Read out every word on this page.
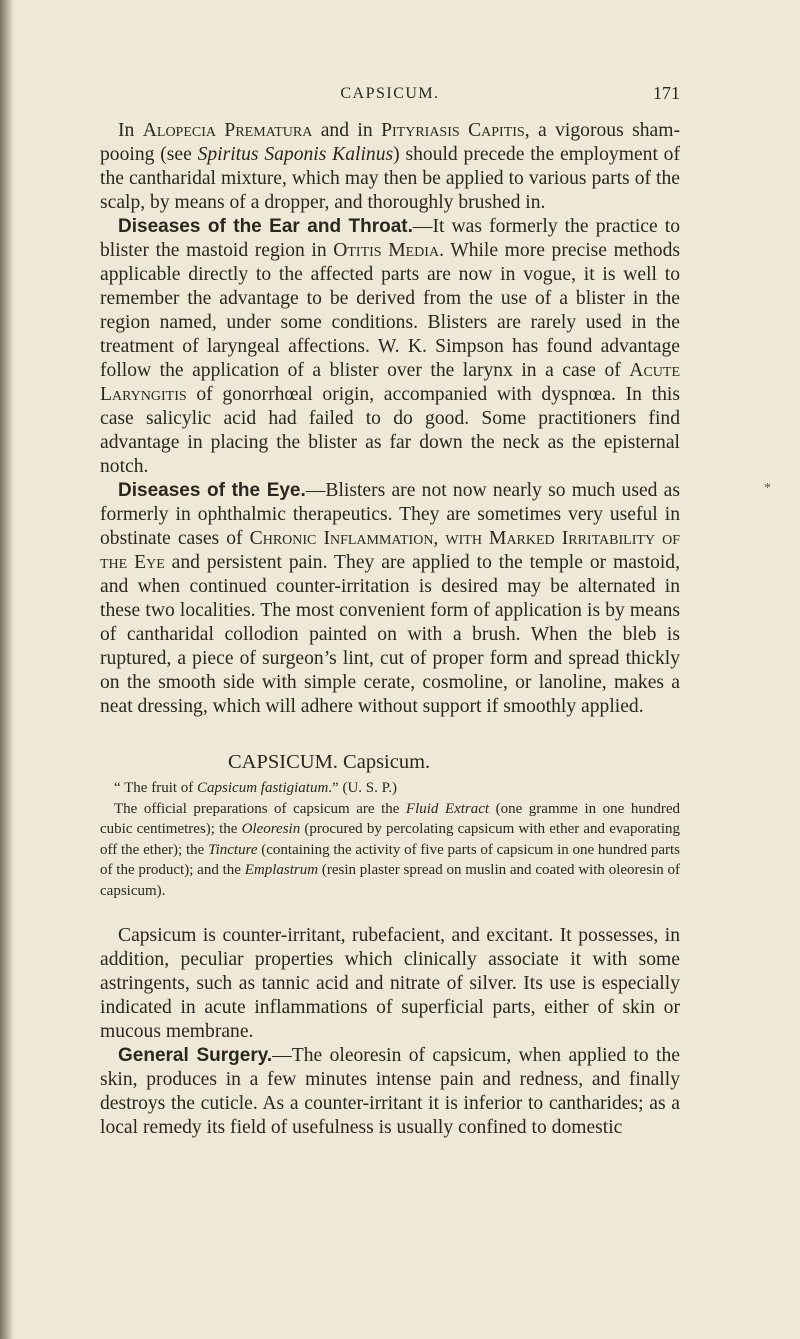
*
CAPSICUM.	171

In Alopecia Prematura and in Pityriasis Capitis, a vigorous sham-pooing (see Spiritus Saponis Kalinus) should precede the employment of the cantharidal mixture, which may then be applied to various parts of the scalp, by means of a dropper, and thoroughly brushed in.

Diseases of the Ear and Throat.—It was formerly the practice to blister the mastoid region in Otitis Media. While more precise methods applicable directly to the affected parts are now in vogue, it is well to remember the advantage to be derived from the use of a blister in the region named, under some conditions. Blisters are rarely used in the treatment of laryngeal affections. W. K. Simpson has found advantage follow the application of a blister over the larynx in a case of Acute Laryngitis of gonorrhœal origin, accompanied with dyspnœa. In this case salicylic acid had failed to do good. Some practitioners find advantage in placing the blister as far down the neck as the episternal notch.

Diseases of the Eye.—Blisters are not now nearly so much used as formerly in ophthalmic therapeutics. They are sometimes very useful in obstinate cases of Chronic Inflammation, with Marked Irritability of the Eye and persistent pain. They are applied to the temple or mastoid, and when continued counter-irritation is desired may be alternated in these two localities. The most convenient form of application is by means of cantharidal collodion painted on with a brush. When the bleb is ruptured, a piece of surgeon’s lint, cut of proper form and spread thickly on the smooth side with simple cerate, cosmoline, or lanoline, makes a neat dressing, which will adhere without support if smoothly applied.

CAPSICUM. Capsicum.

“ The fruit of Capsicum fastigiatum.” (U. S. P.)

The official preparations of capsicum are the Fluid Extract (one gramme in one hundred cubic centimetres); the Oleoresin (procured by percolating capsicum with ether and evaporating off the ether); the Tincture (containing the activity of five parts of capsicum in one hundred parts of the product); and the Emplastrum (resin plaster spread on muslin and coated with oleoresin of capsicum).

Capsicum is counter-irritant, rubefacient, and excitant. It possesses, in addition, peculiar properties which clinically associate it with some astringents, such as tannic acid and nitrate of silver. Its use is especially indicated in acute inflammations of superficial parts, either of skin or mucous membrane.

General Surgery.—The oleoresin of capsicum, when applied to the skin, produces in a few minutes intense pain and redness, and finally destroys the cuticle. As a counter-irritant it is inferior to cantharides; as a local remedy its field of usefulness is usually confined to domestic
